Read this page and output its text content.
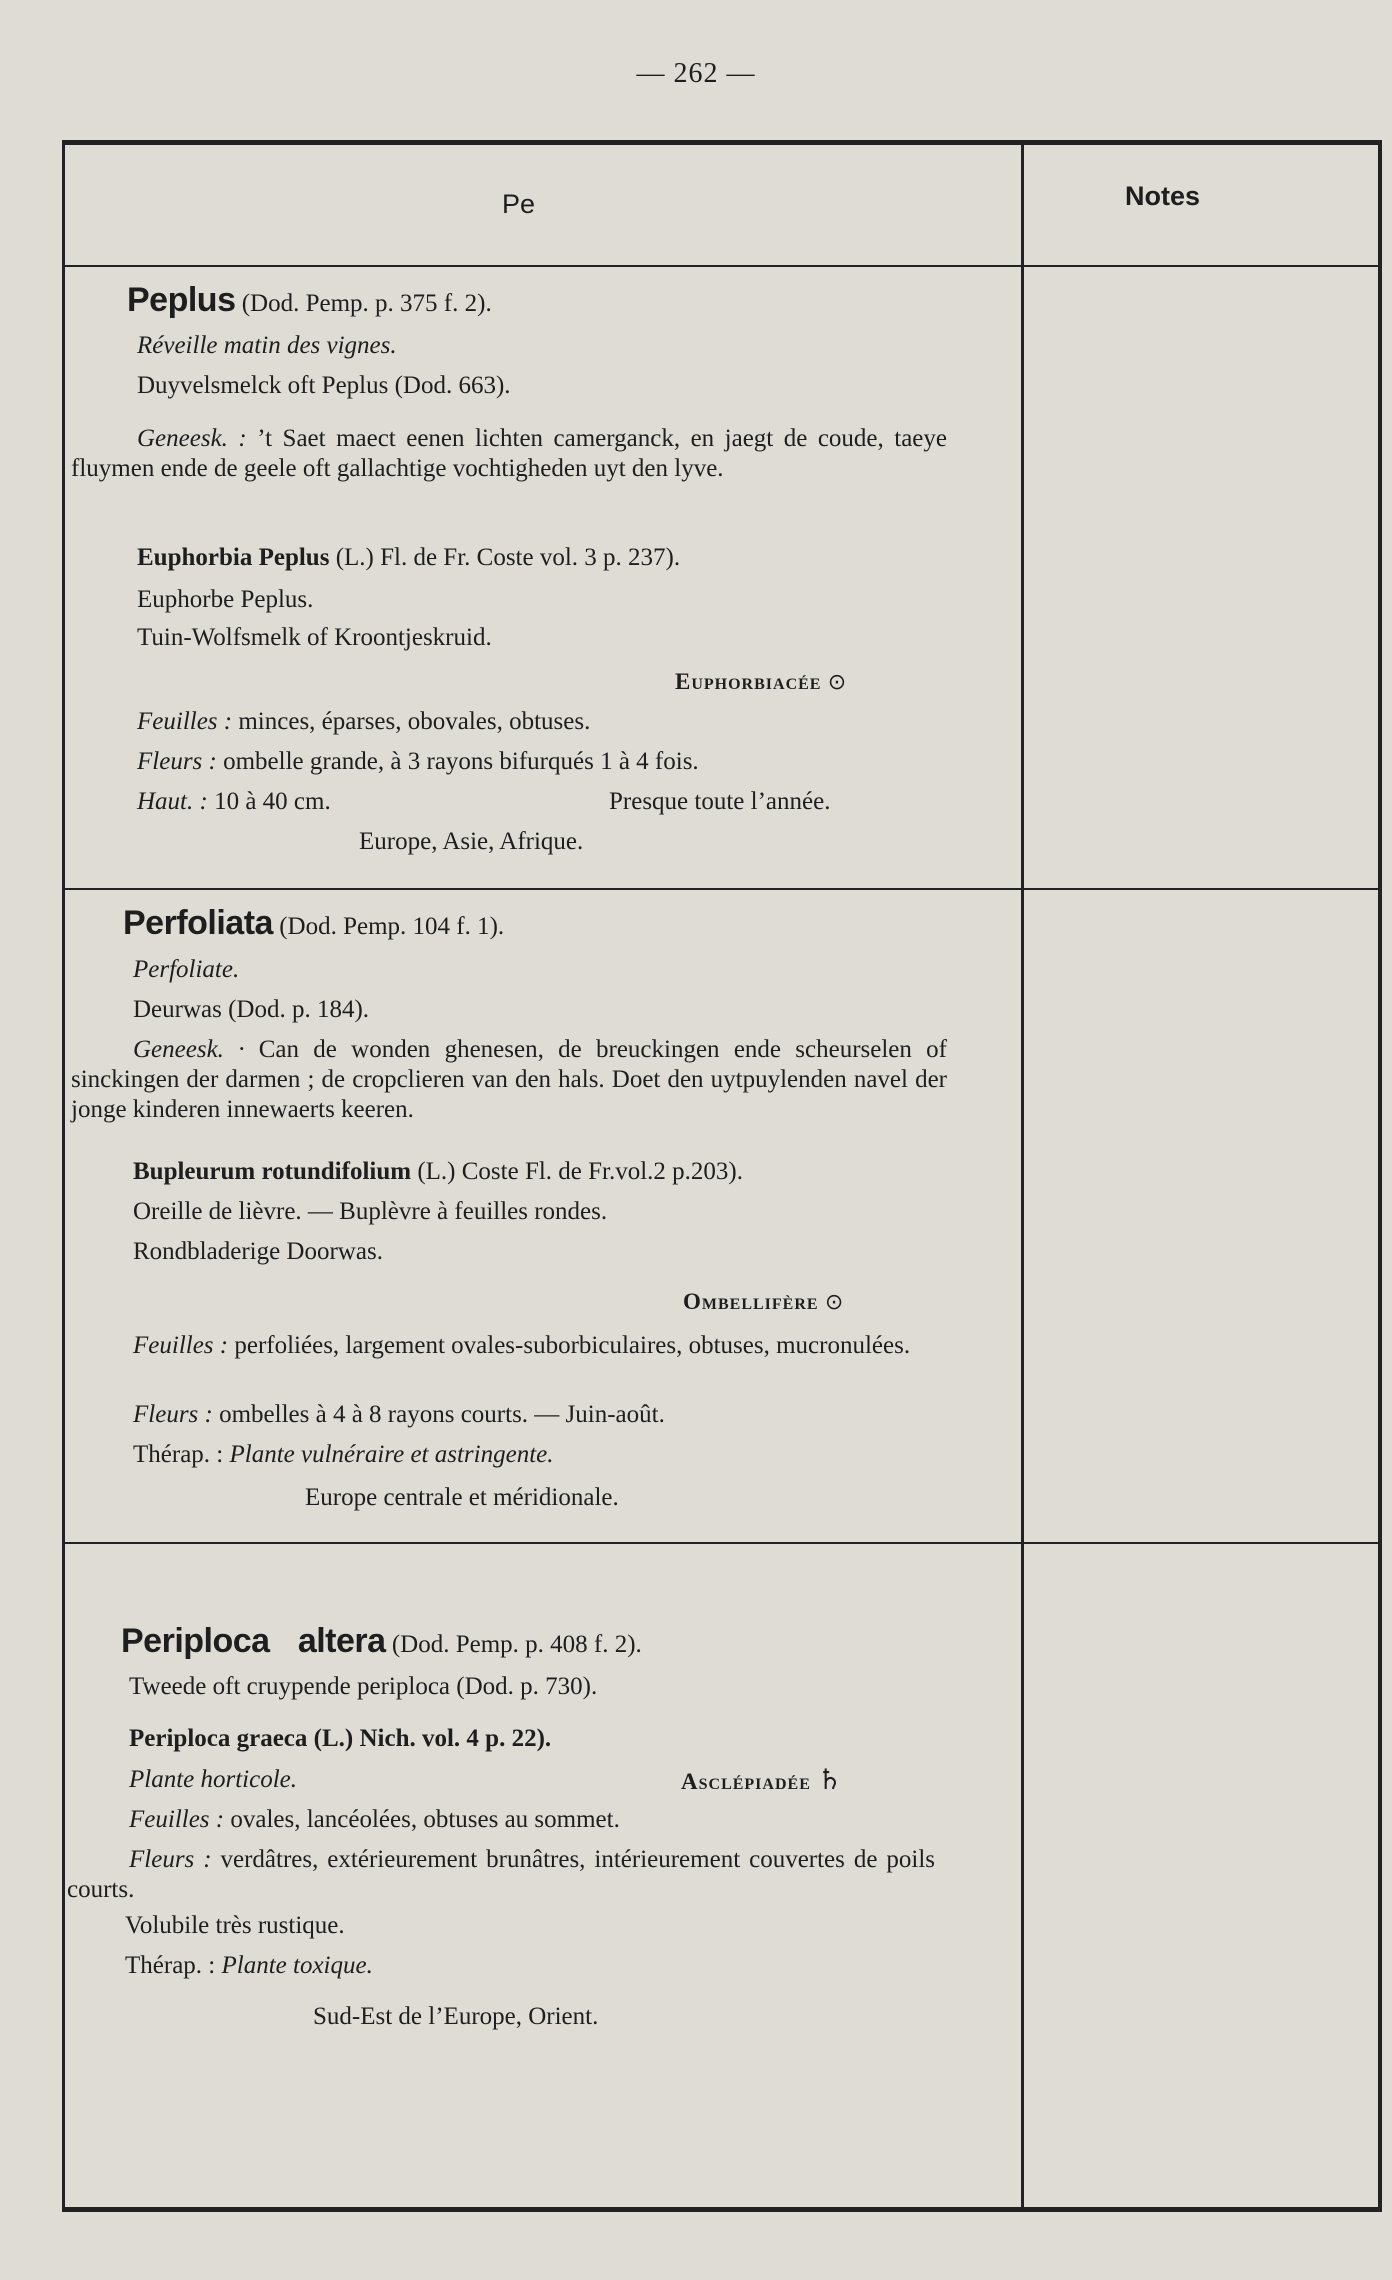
— 262 —
Pe	Notes
Peplus (Dod. Pemp. p. 375 f. 2).
Réveille matin des vignes.
Duyvelsmelck oft Peplus (Dod. 663).
Geneesk. : ’t Saet maect eenen lichten camerganck, en jaegt de coude, taeye fluymen ende de geele oft gallachtige vochtigheden uyt den lyve.
Euphorbia Peplus (L.) Fl. de Fr. Coste vol. 3 p. 237).
Euphorbe Peplus.
Tuin-Wolfsmelk of Kroontjeskruid.
Euphorbiacée ⊙
Feuilles : minces, éparses, obovales, obtuses.
Fleurs : ombelle grande, à 3 rayons bifurqués 1 à 4 fois.
Haut. : 10 à 40 cm.	Presque toute l’année.
Europe, Asie, Afrique.
Perfoliata (Dod. Pemp. 104 f. 1).
Perfoliate.
Deurwas (Dod. p. 184).
Geneesk. · Can de wonden ghenesen, de breuckingen ende scheurselen of sinckingen der darmen ; de cropclieren van den hals. Doet den uytpuylenden navel der jonge kinderen innewaerts keeren.
Bupleurum rotundifolium (L.) Coste Fl. de Fr.vol.2 p.203).
Oreille de lièvre. — Buplèvre à feuilles rondes.
Rondbladerige Doorwas.
Ombellifère ⊙
Feuilles : perfoliées, largement ovales-suborbiculaires, obtuses, mucronulées.
Fleurs : ombelles à 4 à 8 rayons courts. — Juin-août.
Thérap. : Plante vulnéraire et astringente.
Europe centrale et méridionale.
Periploca altera (Dod. Pemp. p. 408 f. 2).
Tweede oft cruypende periploca (Dod. p. 730).
Periploca graeca (L.) Nich. vol. 4 p. 22).
Plante horticole.	Asclépiadée ♄
Feuilles : ovales, lancéolées, obtuses au sommet.
Fleurs : verdâtres, extérieurement brunâtres, intérieurement couvertes de poils courts.
Volubile très rustique.
Thérap. : Plante toxique.
Sud-Est de l’Europe, Orient.
